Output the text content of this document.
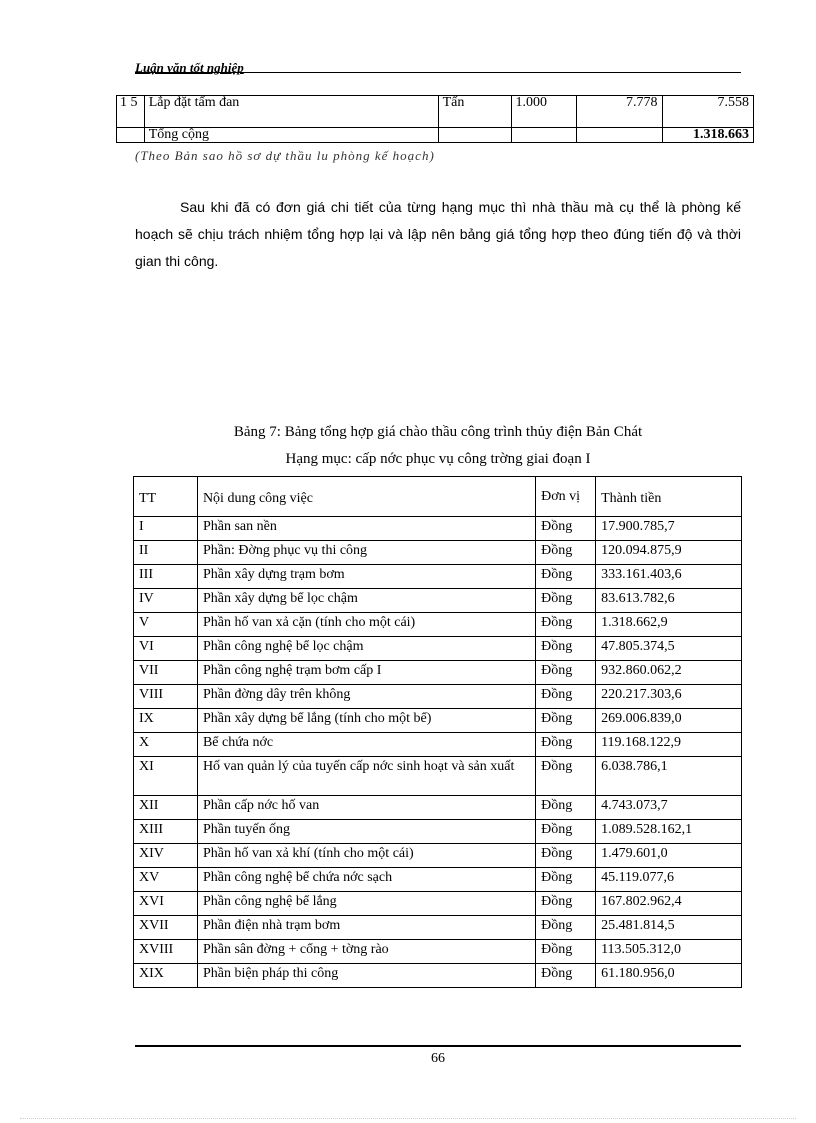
Luận văn tốt nghiệp
1 5	Lắp đặt tấm đan	Tấn	1.000	7.778	7.558
	Tổng cộng				1.318.663
(Theo Bản sao hồ sơ dự thầu lu phòng kế hoạch)
Sau khi đã có đơn giá chi tiết của từng hạng mục thì nhà thầu mà cụ thể là phòng kế hoạch sẽ chịu trách nhiệm tổng hợp lại và lập nên bảng giá tổng hợp theo đúng tiến độ và thời gian thi công.
Bảng 7: Bảng tổng hợp giá chào thầu công trình thủy điện Bản Chát
Hạng mục: cấp nớc phục vụ công trờng giai đoạn I
TT	Nội dung công việc	Đơn vị	Thành tiền
I	Phần san nền	Đồng	17.900.785,7
II	Phần: Đờng phục vụ thi công	Đồng	120.094.875,9
III	Phần xây dựng trạm bơm	Đồng	333.161.403,6
IV	Phần xây dựng bể lọc chậm	Đồng	83.613.782,6
V	Phần hố van xả cặn (tính cho một cái)	Đồng	1.318.662,9
VI	Phần công nghệ bể lọc chậm	Đồng	47.805.374,5
VII	Phần công nghệ trạm bơm cấp I	Đồng	932.860.062,2
VIII	Phần đờng dây trên không	Đồng	220.217.303,6
IX	Phần xây dựng bể lắng (tính cho một bể)	Đồng	269.006.839,0
X	Bể chứa nớc	Đồng	119.168.122,9
XI	Hố van quản lý của tuyến cấp nớc sinh hoạt và sản xuất	Đồng	6.038.786,1
XII	Phần cấp nớc hố van	Đồng	4.743.073,7
XIII	Phần tuyến ống	Đồng	1.089.528.162,1
XIV	Phần hố van xả khí (tính cho một cái)	Đồng	1.479.601,0
XV	Phần công nghệ bể chứa nớc sạch	Đồng	45.119.077,6
XVI	Phần công nghệ bể lắng	Đồng	167.802.962,4
XVII	Phần điện nhà trạm bơm	Đồng	25.481.814,5
XVIII	Phần sân đờng + cổng + tờng rào	Đồng	113.505.312,0
XIX	Phần biện pháp thi công	Đồng	61.180.956,0
66
